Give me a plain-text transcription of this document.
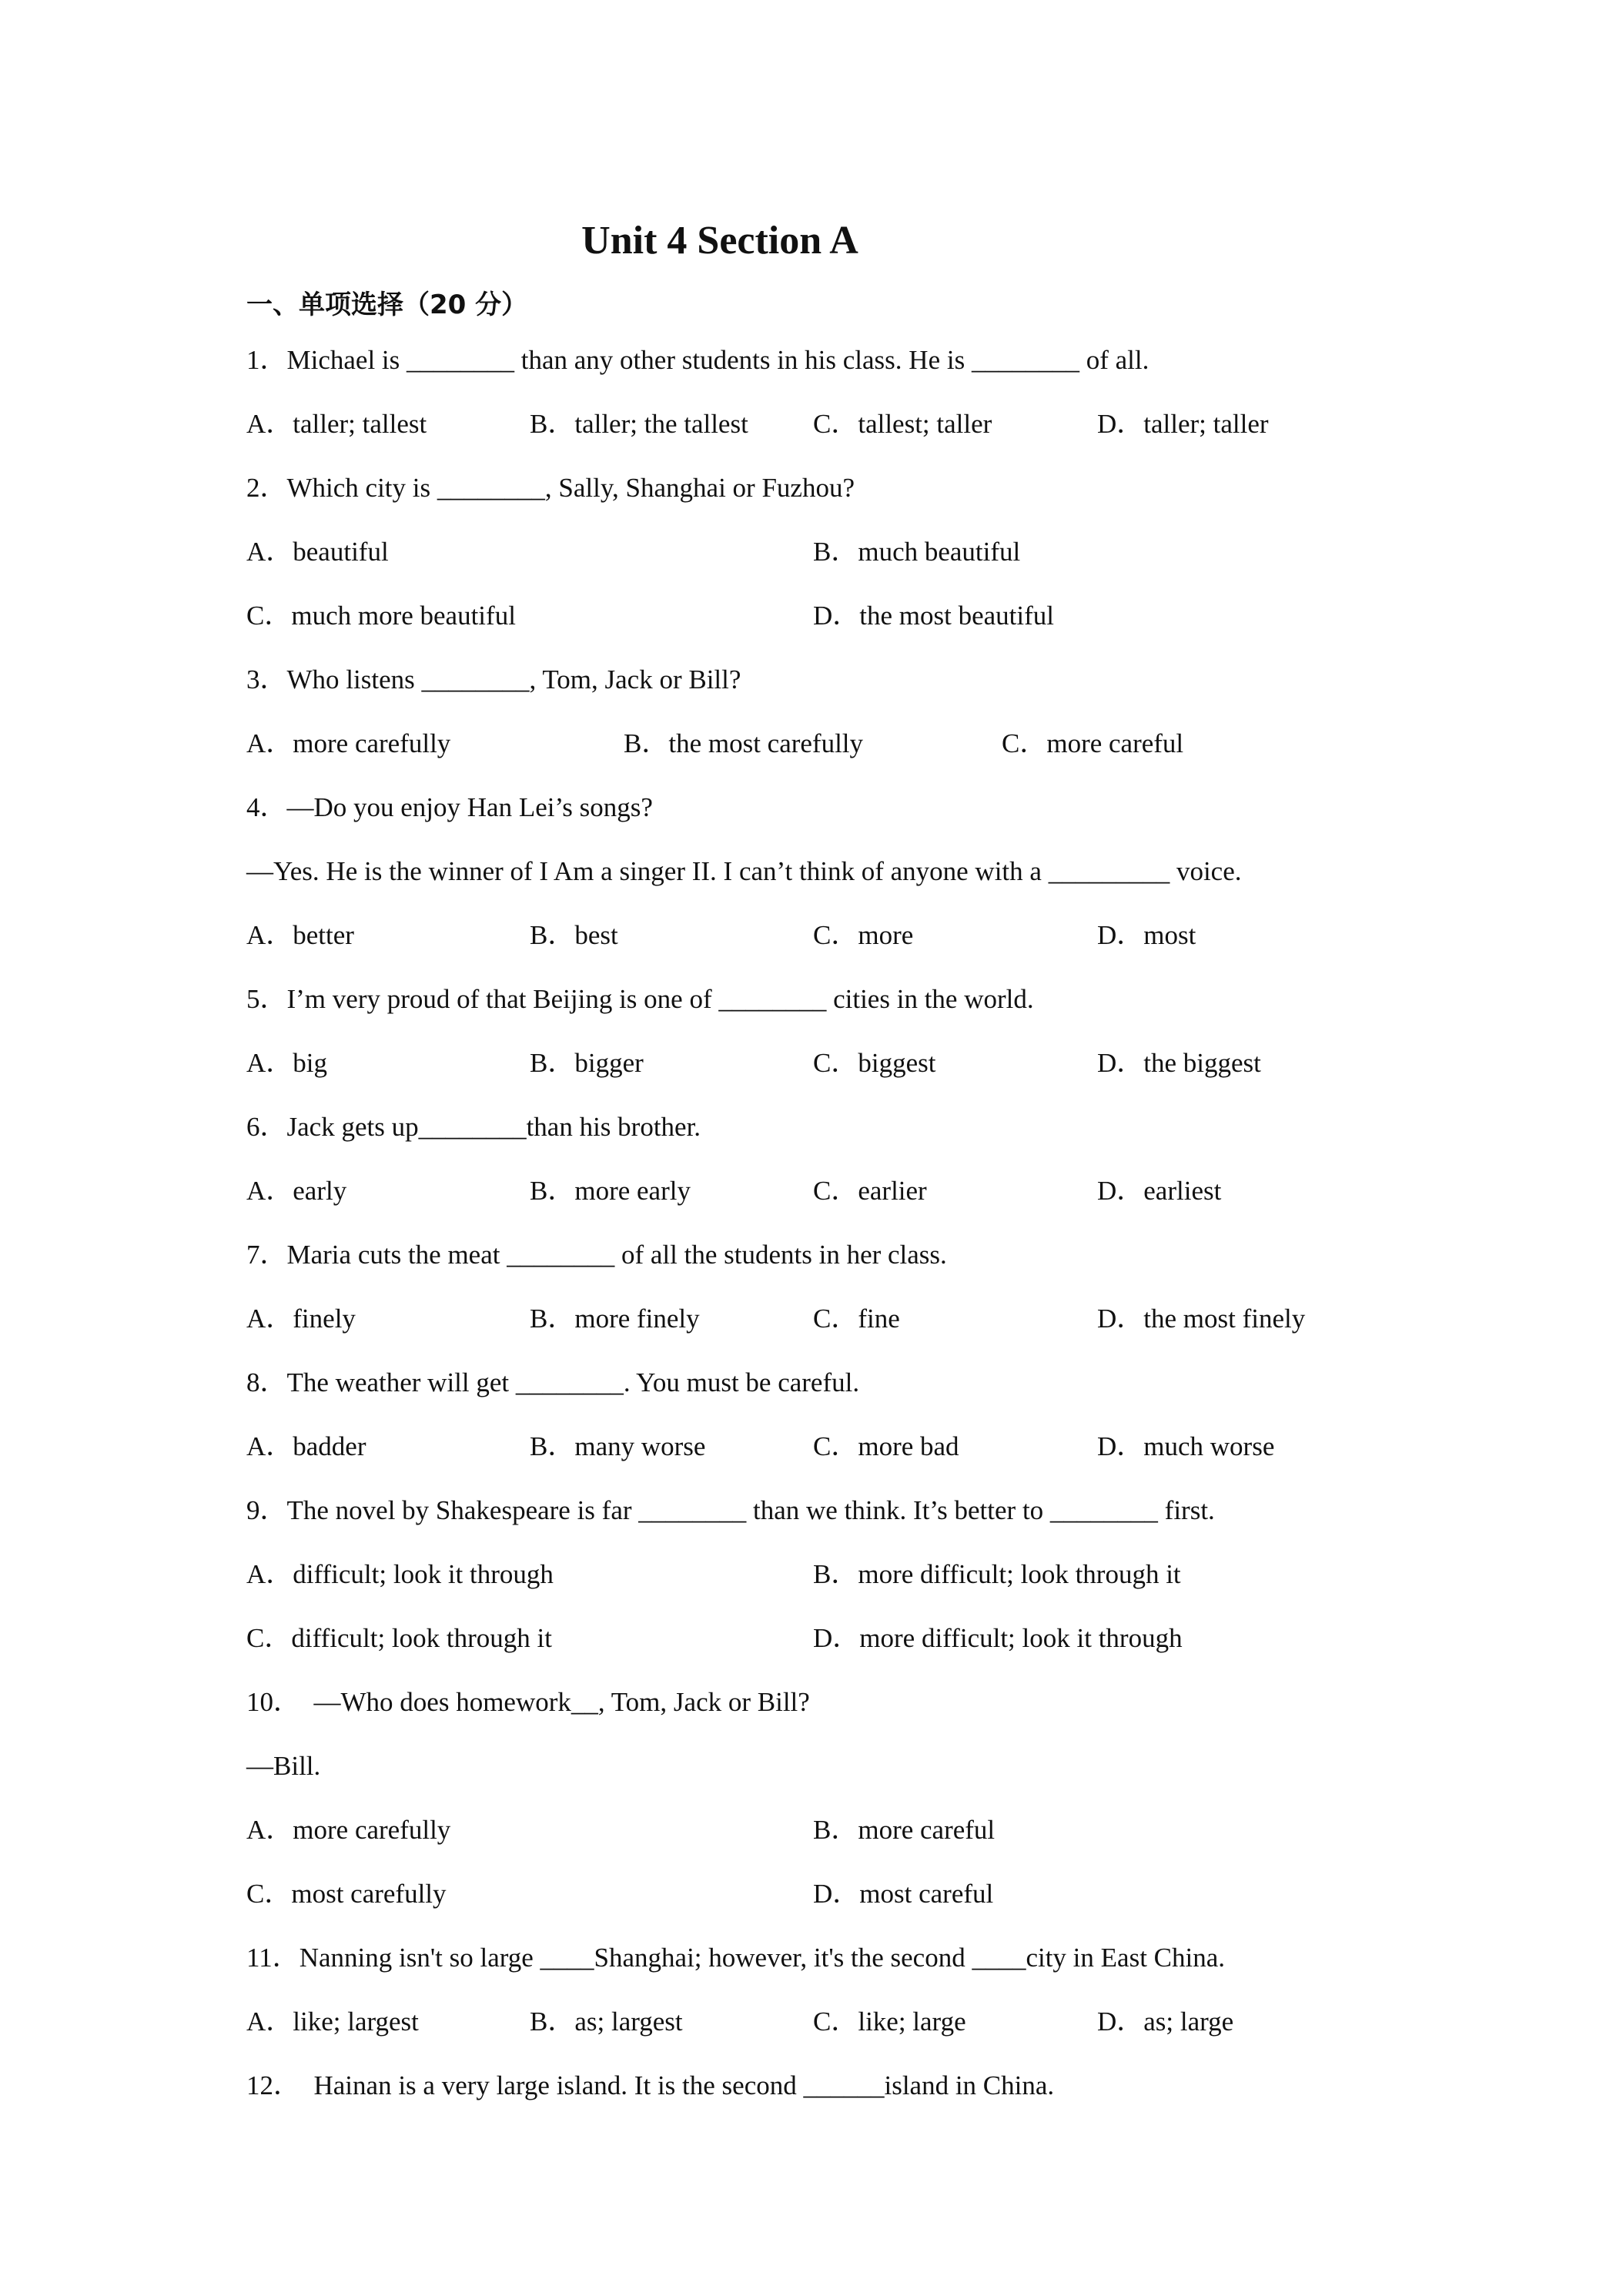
Unit 4 Section A
一、单项选择（20 分）
1．Michael is ________ than any other students in his class. He is ________ of all.
A．taller; tallest	B．taller; the tallest C．tallest; taller	D．taller; taller
2．Which city is ________, Sally, Shanghai or Fuzhou?
A．beautiful	B．much beautiful
C．much more beautiful	D．the most beautiful
3．Who listens ________, Tom, Jack or Bill?
A．more carefully	B．the most carefully	C．more careful
4．—Do you enjoy Han Lei’s songs?
—Yes. He is the winner of I Am a singer II. I can’t think of anyone with a _________ voice.
A．better	B．best	C．more	D．most
5．I’m very proud of that Beijing is one of ________ cities in the world.
A．big	B．bigger	C．biggest	D．the biggest
6．Jack gets up________than his brother.
A．early	B．more early	C．earlier	D．earliest
7．Maria cuts the meat ________ of all the students in her class.
A．finely	B．more finely	C．fine	D．the most finely
8．The weather will get ________. You must be careful.
A．badder	B．many worse	C．more bad	D．much worse
9．The novel by Shakespeare is far ________ than we think. It’s better to ________ first.
A．difficult; look it through	B．more difficult; look through it
C．difficult; look through it	D．more difficult; look it through
10．　—Who does homework__, Tom, Jack or Bill?
—Bill.
A．more carefully	B．more careful
C．most carefully	D．most careful
11．Nanning isn't so large ____Shanghai; however, it's the second ____city in East China.
A．like; largest	B．as; largest	C．like; large	D．as; large
12．　Hainan is a very large island. It is the second ______island in China.
